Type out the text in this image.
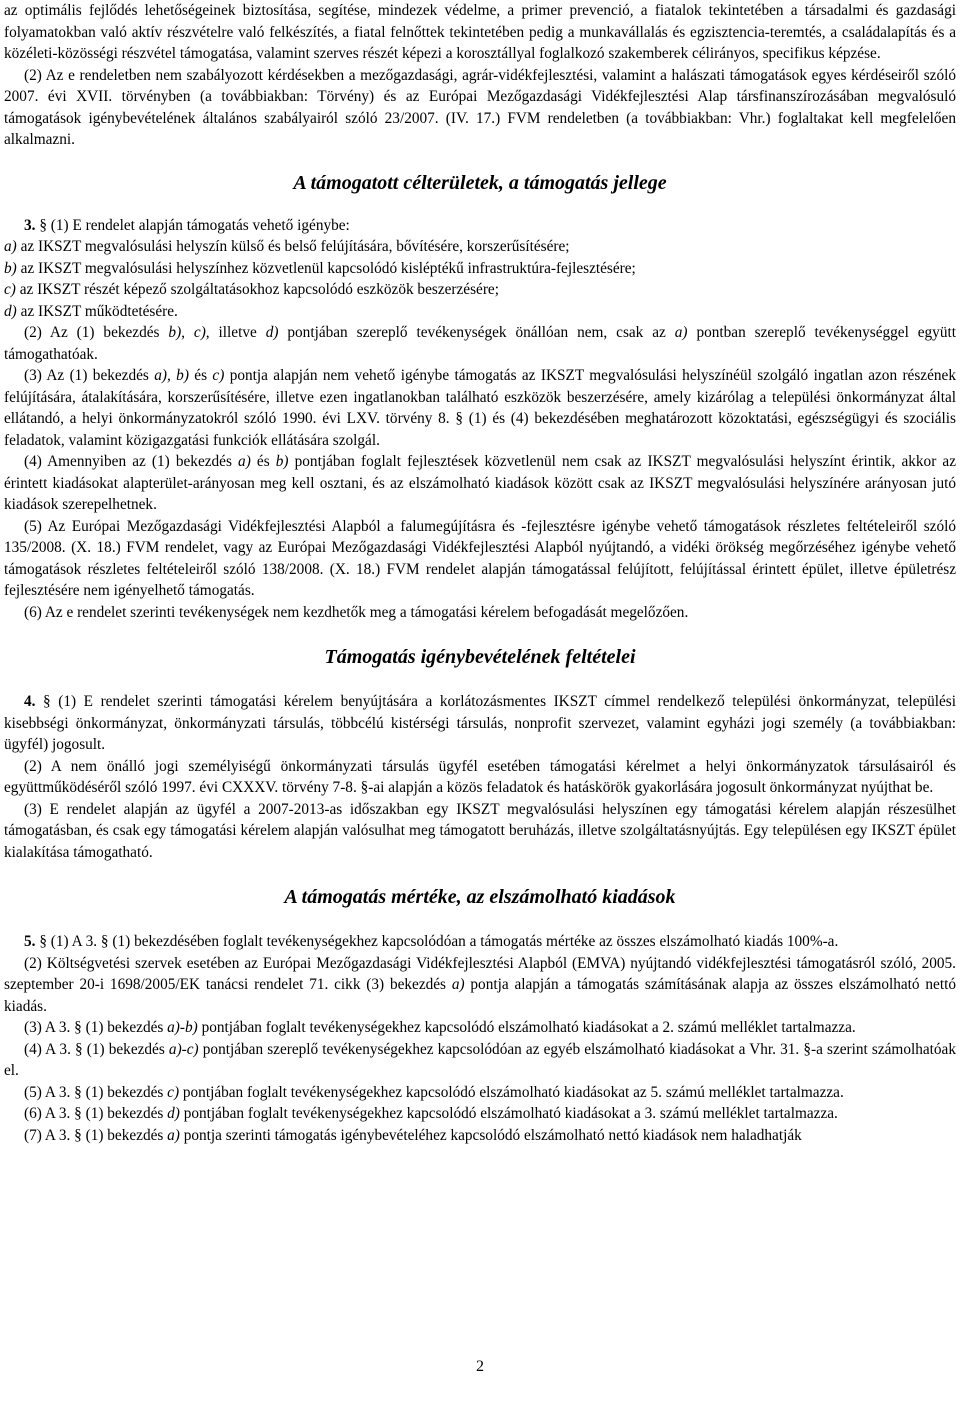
az optimális fejlődés lehetőségeinek biztosítása, segítése, mindezek védelme, a primer prevenció, a fiatalok tekintetében a társadalmi és gazdasági folyamatokban való aktív részvételre való felkészítés, a fiatal felnőttek tekintetében pedig a munkavállalás és egzisztencia-teremtés, a családalapítás és a közéleti-közösségi részvétel támogatása, valamint szerves részét képezi a korosztállyal foglalkozó szakemberek célirányos, specifikus képzése.

(2) Az e rendeletben nem szabályozott kérdésekben a mezőgazdasági, agrár-vidékfejlesztési, valamint a halászati támogatások egyes kérdéseiről szóló 2007. évi XVII. törvényben (a továbbiakban: Törvény) és az Európai Mezőgazdasági Vidékfejlesztési Alap társfinanszírozásában megvalósuló támogatások igénybevételének általános szabályairól szóló 23/2007. (IV. 17.) FVM rendeletben (a továbbiakban: Vhr.) foglaltakat kell megfelelően alkalmazni.

A támogatott célterületek, a támogatás jellege

3. § (1) E rendelet alapján támogatás vehető igénybe:

a) az IKSZT megvalósulási helyszín külső és belső felújítására, bővítésére, korszerűsítésére;

b) az IKSZT megvalósulási helyszínhez közvetlenül kapcsolódó kisléptékű infrastruktúra-fejlesztésére;

c) az IKSZT részét képező szolgáltatásokhoz kapcsolódó eszközök beszerzésére;

d) az IKSZT működtetésére.

(2) Az (1) bekezdés b), c), illetve d) pontjában szereplő tevékenységek önállóan nem, csak az a) pontban szereplő tevékenységgel együtt támogathatóak.

(3) Az (1) bekezdés a), b) és c) pontja alapján nem vehető igénybe támogatás az IKSZT megvalósulási helyszínéül szolgáló ingatlan azon részének felújítására, átalakítására, korszerűsítésére, illetve ezen ingatlanokban található eszközök beszerzésére, amely kizárólag a települési önkormányzat által ellátandó, a helyi önkormányzatokról szóló 1990. évi LXV. törvény 8. § (1) és (4) bekezdésében meghatározott közoktatási, egészségügyi és szociális feladatok, valamint közigazgatási funkciók ellátására szolgál.

(4) Amennyiben az (1) bekezdés a) és b) pontjában foglalt fejlesztések közvetlenül nem csak az IKSZT megvalósulási helyszínt érintik, akkor az érintett kiadásokat alapterület-arányosan meg kell osztani, és az elszámolható kiadások között csak az IKSZT megvalósulási helyszínére arányosan jutó kiadások szerepelhetnek.

(5) Az Európai Mezőgazdasági Vidékfejlesztési Alapból a falumegújításra és -fejlesztésre igénybe vehető támogatások részletes feltételeiről szóló 135/2008. (X. 18.) FVM rendelet, vagy az Európai Mezőgazdasági Vidékfejlesztési Alapból nyújtandó, a vidéki örökség megőrzéséhez igénybe vehető támogatások részletes feltételeiről szóló 138/2008. (X. 18.) FVM rendelet alapján támogatással felújított, felújítással érintett épület, illetve épületrész fejlesztésére nem igényelhető támogatás.

(6) Az e rendelet szerinti tevékenységek nem kezdhetők meg a támogatási kérelem befogadását megelőzően.

Támogatás igénybevételének feltételei

4. § (1) E rendelet szerinti támogatási kérelem benyújtására a korlátozásmentes IKSZT címmel rendelkező települési önkormányzat, települési kisebbségi önkormányzat, önkormányzati társulás, többcélú kistérségi társulás, nonprofit szervezet, valamint egyházi jogi személy (a továbbiakban: ügyfél) jogosult.

(2) A nem önálló jogi személyiségű önkormányzati társulás ügyfél esetében támogatási kérelmet a helyi önkormányzatok társulásairól és együttműködéséről szóló 1997. évi CXXXV. törvény 7-8. §-ai alapján a közös feladatok és hatáskörök gyakorlására jogosult önkormányzat nyújthat be.

(3) E rendelet alapján az ügyfél a 2007-2013-as időszakban egy IKSZT megvalósulási helyszínen egy támogatási kérelem alapján részesülhet támogatásban, és csak egy támogatási kérelem alapján valósulhat meg támogatott beruházás, illetve szolgáltatásnyújtás. Egy településen egy IKSZT épület kialakítása támogatható.

A támogatás mértéke, az elszámolható kiadások

5. § (1) A 3. § (1) bekezdésében foglalt tevékenységekhez kapcsolódóan a támogatás mértéke az összes elszámolható kiadás 100%-a.

(2) Költségvetési szervek esetében az Európai Mezőgazdasági Vidékfejlesztési Alapból (EMVA) nyújtandó vidékfejlesztési támogatásról szóló, 2005. szeptember 20-i 1698/2005/EK tanácsi rendelet 71. cikk (3) bekezdés a) pontja alapján a támogatás számításának alapja az összes elszámolható nettó kiadás.

(3) A 3. § (1) bekezdés a)-b) pontjában foglalt tevékenységekhez kapcsolódó elszámolható kiadásokat a 2. számú melléklet tartalmazza.

(4) A 3. § (1) bekezdés a)-c) pontjában szereplő tevékenységekhez kapcsolódóan az egyéb elszámolható kiadásokat a Vhr. 31. §-a szerint számolhatóak el.

(5) A 3. § (1) bekezdés c) pontjában foglalt tevékenységekhez kapcsolódó elszámolható kiadásokat az 5. számú melléklet tartalmazza.

(6) A 3. § (1) bekezdés d) pontjában foglalt tevékenységekhez kapcsolódó elszámolható kiadásokat a 3. számú melléklet tartalmazza.

(7) A 3. § (1) bekezdés a) pontja szerinti támogatás igénybevételéhez kapcsolódó elszámolható nettó kiadások nem haladhatják

2
